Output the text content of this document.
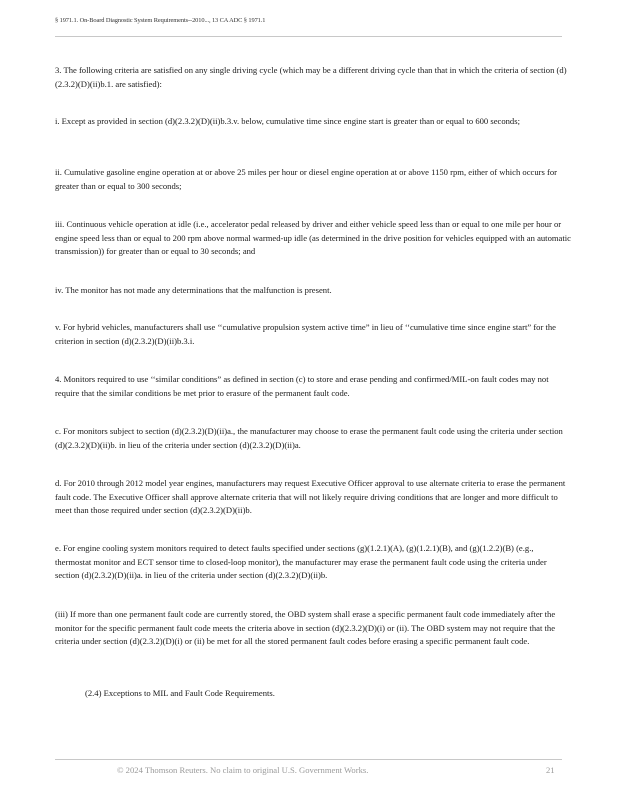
§ 1971.1. On-Board Diagnostic System Requirements--2010..., 13 CA ADC § 1971.1

3. The following criteria are satisfied on any single driving cycle (which may be a different driving cycle than that in which the criteria of section (d)(2.3.2)(D)(ii)b.1. are satisfied):

i. Except as provided in section (d)(2.3.2)(D)(ii)b.3.v. below, cumulative time since engine start is greater than or equal to 600 seconds;

ii. Cumulative gasoline engine operation at or above 25 miles per hour or diesel engine operation at or above 1150 rpm, either of which occurs for greater than or equal to 300 seconds;

iii. Continuous vehicle operation at idle (i.e., accelerator pedal released by driver and either vehicle speed less than or equal to one mile per hour or engine speed less than or equal to 200 rpm above normal warmed-up idle (as determined in the drive position for vehicles equipped with an automatic transmission)) for greater than or equal to 30 seconds; and

iv. The monitor has not made any determinations that the malfunction is present.

v. For hybrid vehicles, manufacturers shall use ‘‘cumulative propulsion system active time” in lieu of ‘‘cumulative time since engine start” for the criterion in section (d)(2.3.2)(D)(ii)b.3.i.

4. Monitors required to use ‘‘similar conditions” as defined in section (c) to store and erase pending and confirmed/MIL-on fault codes may not require that the similar conditions be met prior to erasure of the permanent fault code.

c. For monitors subject to section (d)(2.3.2)(D)(ii)a., the manufacturer may choose to erase the permanent fault code using the criteria under section (d)(2.3.2)(D)(ii)b. in lieu of the criteria under section (d)(2.3.2)(D)(ii)a.

d. For 2010 through 2012 model year engines, manufacturers may request Executive Officer approval to use alternate criteria to erase the permanent fault code. The Executive Officer shall approve alternate criteria that will not likely require driving conditions that are longer and more difficult to meet than those required under section (d)(2.3.2)(D)(ii)b.

e. For engine cooling system monitors required to detect faults specified under sections (g)(1.2.1)(A), (g)(1.2.1)(B), and (g)(1.2.2)(B) (e.g., thermostat monitor and ECT sensor time to closed-loop monitor), the manufacturer may erase the permanent fault code using the criteria under section (d)(2.3.2)(D)(ii)a. in lieu of the criteria under section (d)(2.3.2)(D)(ii)b.

(iii) If more than one permanent fault code are currently stored, the OBD system shall erase a specific permanent fault code immediately after the monitor for the specific permanent fault code meets the criteria above in section (d)(2.3.2)(D)(i) or (ii). The OBD system may not require that the criteria under section (d)(2.3.2)(D)(i) or (ii) be met for all the stored permanent fault codes before erasing a specific permanent fault code.

(2.4) Exceptions to MIL and Fault Code Requirements.

© 2024 Thomson Reuters. No claim to original U.S. Government Works.	21
